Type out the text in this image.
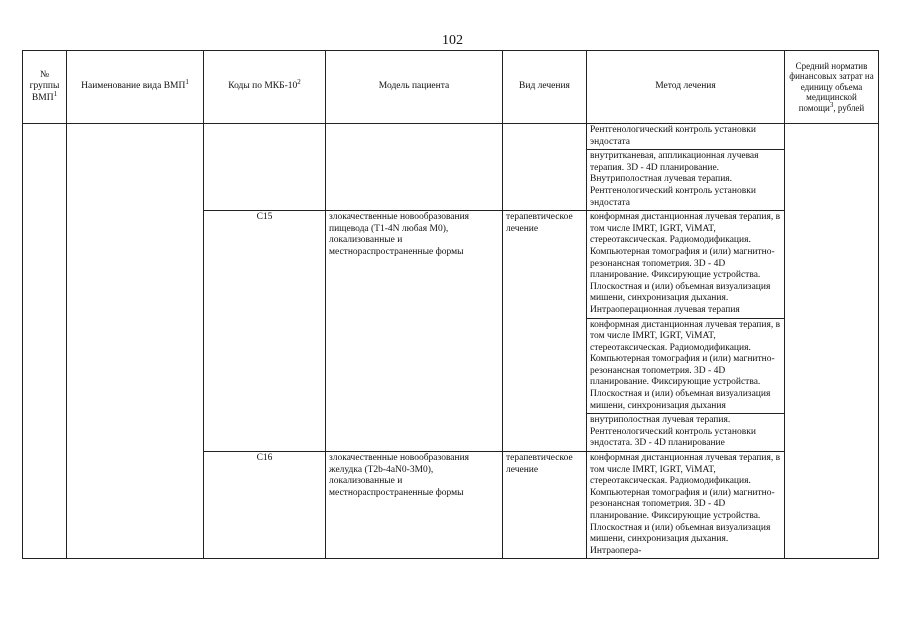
102
№ группы ВМП$^1$	Наименование вида ВМП$^1$	Коды по МКБ-$10^2$	Модель пациента	Вид лечения	Метод лечения	Средний норматив финансовых затрат на единицу объема медицинской помощи$^3$, рублей
					Рентгенологический контроль установки эндостата	
					внутритканевая, аппликационная лучевая терапия. 3D - 4D планирование. Внутриполостная лучевая терапия. Рентгенологический контроль установки эндостата	
		C15	злокачественные новообразования пищевода (T1-4N любая M0), локализованные и местнораспространенные формы	терапевтическое лечение	конформная дистанционная лучевая терапия, в том числе IMRT, IGRT, ViMAT, стереотаксическая. Радиомодификация. Компьютерная томография и (или) магнитно-резонансная топометрия. 3D - 4D планирование. Фиксирующие устройства. Плоскостная и (или) объемная визуализация мишени, синхронизация дыхания. Интраоперационная лучевая терапия	
					конформная дистанционная лучевая терапия, в том числе IMRT, IGRT, ViMAT, стереотаксическая. Радиомодификация. Компьютерная томография и (или) магнитно-резонансная топометрия. 3D - 4D планирование. Фиксирующие устройства. Плоскостная и (или) объемная визуализация мишени, синхронизация дыхания	
					внутриполостная лучевая терапия. Рентгенологический контроль установки эндостата. 3D - 4D планирование	
		C16	злокачественные новообразования желудка (T2b-4aN0-3M0), локализованные и местнораспространенные формы	терапевтическое лечение	конформная дистанционная лучевая терапия, в том числе IMRT, IGRT, ViMAT, стереотаксическая. Радиомодификация. Компьютерная томография и (или) магнитно-резонансная топометрия. 3D - 4D планирование. Фиксирующие устройства. Плоскостная и (или) объемная визуализация мишени, синхронизация дыхания. Интраопера-	
